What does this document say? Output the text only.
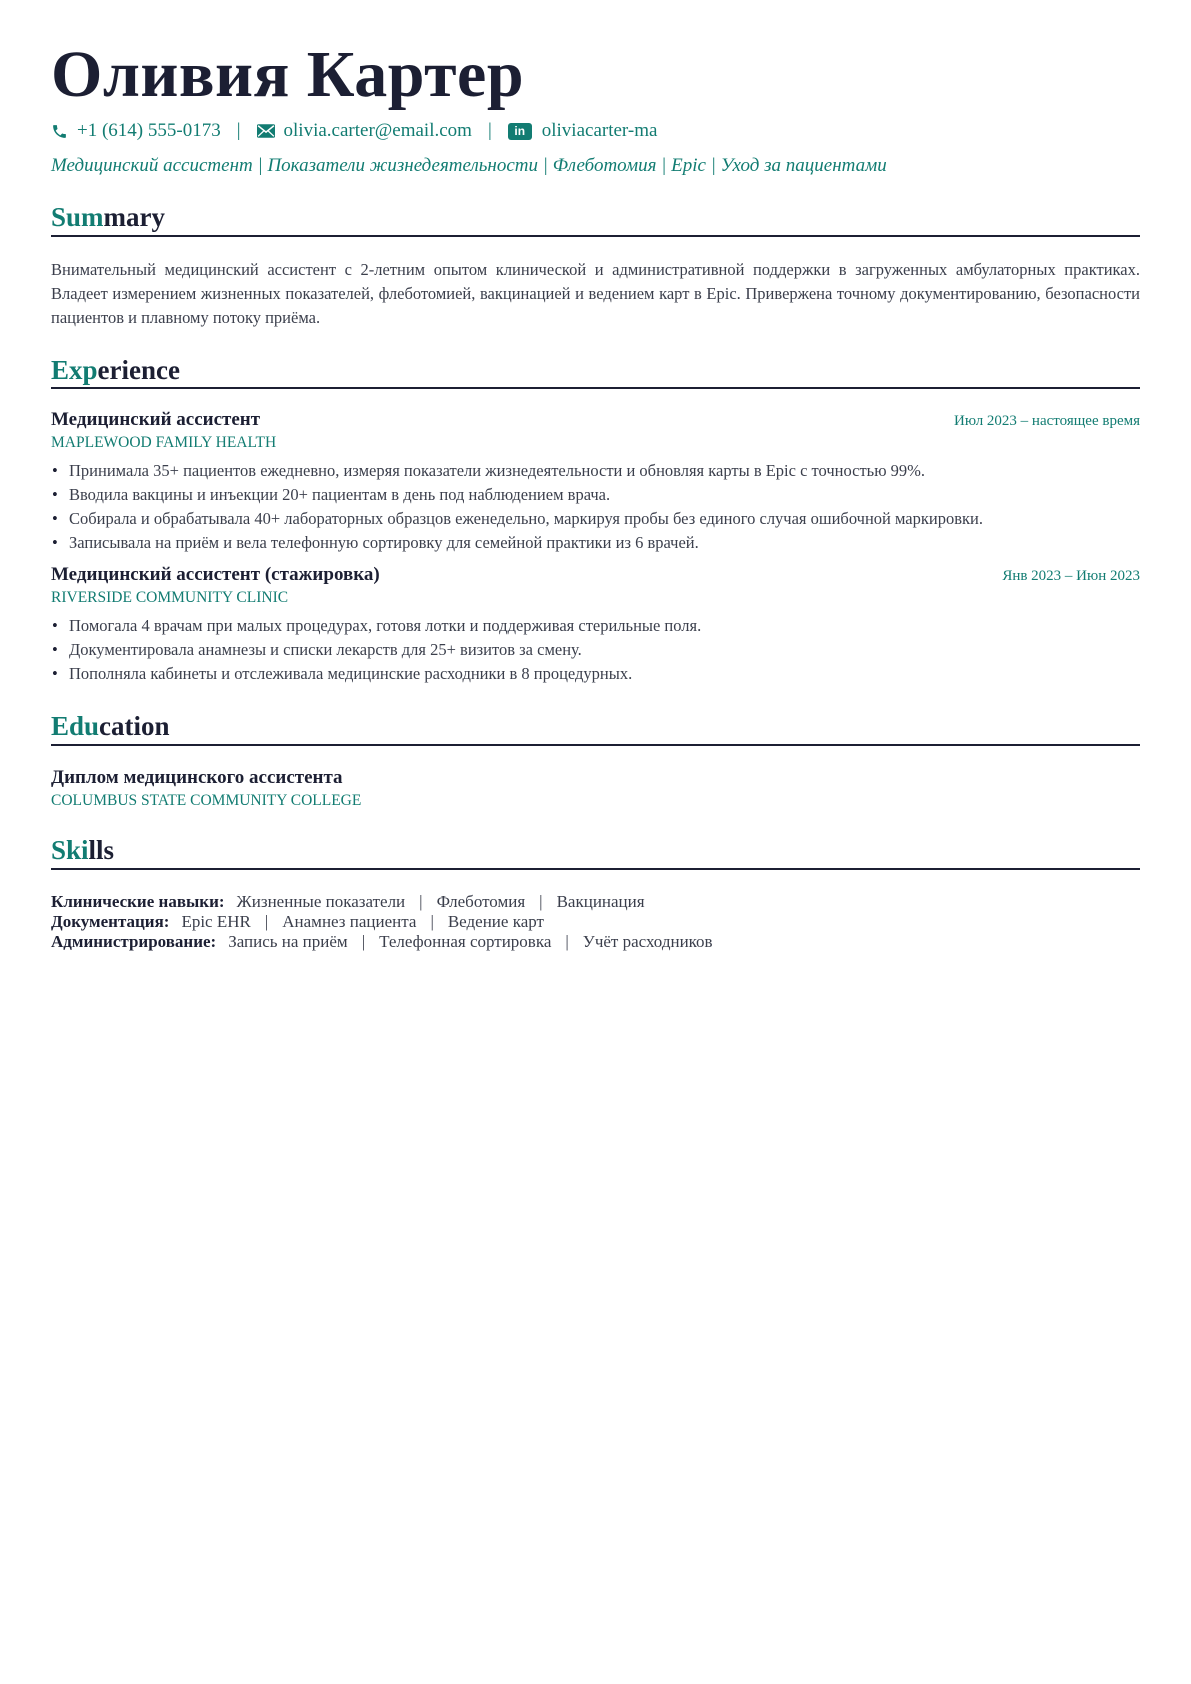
Оливия Картер
+1 (614) 555-0173 | olivia.carter@email.com |	in oliviacarter-ma
Медицинский ассистент | Показатели жизнедеятельности | Флеботомия | Epic | Уход за пациентами
Summary
Внимательный медицинский ассистент с 2-летним опытом клинической и административной поддержки в загруженных амбулаторных практиках. Владеет измерением жизненных показателей, флеботомией, вакцинацией и ведением карт в Epic. Привержена точному документированию, безопасности пациентов и плавному потоку приёма.
Experience
Медицинский ассистент	Июл 2023 – настоящее время
MAPLEWOOD FAMILY HEALTH
• Принимала 35+ пациентов ежедневно, измеряя показатели жизнедеятельности и обновляя карты в Epic с точностью 99%.
• Вводила вакцины и инъекции 20+ пациентам в день под наблюдением врача.
• Собирала и обрабатывала 40+ лабораторных образцов еженедельно, маркируя пробы без единого случая ошибочной маркировки.
• Записывала на приём и вела телефонную сортировку для семейной практики из 6 врачей.
Медицинский ассистент (стажировка)	Янв 2023 – Июн 2023
RIVERSIDE COMMUNITY CLINIC
• Помогала 4 врачам при малых процедурах, готовя лотки и поддерживая стерильные поля.
• Документировала анамнезы и списки лекарств для 25+ визитов за смену.
• Пополняла кабинеты и отслеживала медицинские расходники в 8 процедурных.
Education
Диплом медицинского ассистента
COLUMBUS STATE COMMUNITY COLLEGE
Skills
Клинические навыки: Жизненные показатели | Флеботомия | Вакцинация
Документация: Epic EHR | Анамнез пациента | Ведение карт
Администрирование: Запись на приём | Телефонная сортировка | Учёт расходников
